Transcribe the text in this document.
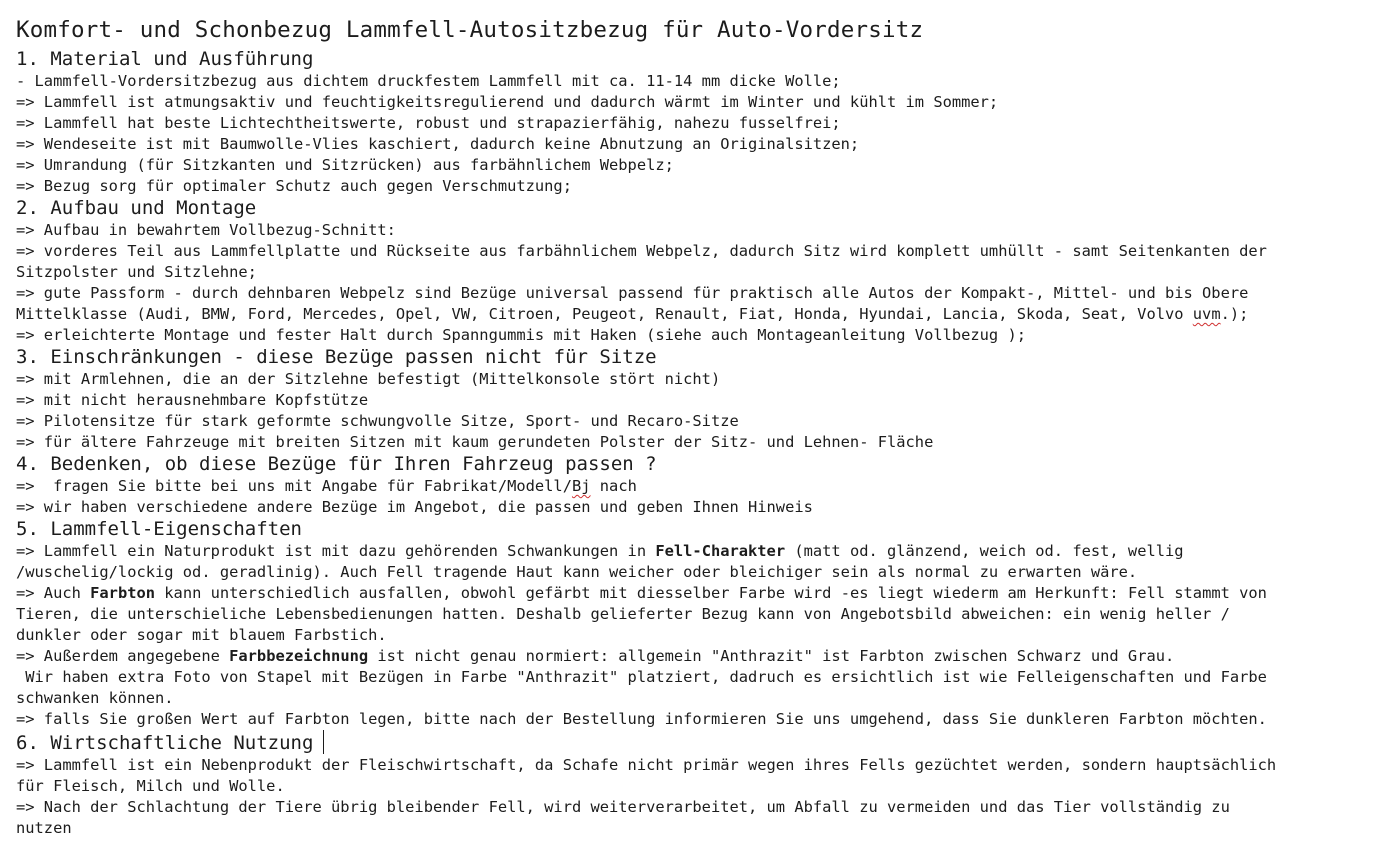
Komfort- und Schonbezug Lammfell-Autositzbezug für Auto-Vordersitz
1. Material und Ausführung

- Lammfell-Vordersitzbezug aus dichtem druckfestem Lammfell mit ca. 11-14 mm dicke Wolle;

=> Lammfell ist atmungsaktiv und feuchtigkeitsregulierend und dadurch wärmt im Winter und kühlt im Sommer;

=> Lammfell hat beste Lichtechtheitswerte, robust und strapazierfähig, nahezu fusselfrei;

=> Wendeseite ist mit Baumwolle-Vlies kaschiert, dadurch keine Abnutzung an Originalsitzen;

=> Umrandung (für Sitzkanten und Sitzrücken) aus farbähnlichem Webpelz;

=> Bezug sorg für optimaler Schutz auch gegen Verschmutzung;

2. Aufbau und Montage

=> Aufbau in bewahrtem Vollbezug-Schnitt:

=> vorderes Teil aus Lammfellplatte und Rückseite aus farbähnlichem Webpelz, dadurch Sitz wird komplett umhüllt - samt Seitenkanten der

Sitzpolster und Sitzlehne;

=> gute Passform - durch dehnbaren Webpelz sind Bezüge universal passend für praktisch alle Autos der Kompakt-, Mittel- und bis Obere

Mittelklasse (Audi, BMW, Ford, Mercedes, Opel, VW, Citroen, Peugeot, Renault, Fiat, Honda, Hyundai, Lancia, Skoda, Seat, Volvo uvm.);

=> erleichterte Montage und fester Halt durch Spanngummis mit Haken (siehe auch Montageanleitung Vollbezug );

3. Einschränkungen - diese Bezüge passen nicht für Sitze

=> mit Armlehnen, die an der Sitzlehne befestigt (Mittelkonsole stört nicht)

=> mit nicht herausnehmbare Kopfstütze

=> Pilotensitze für stark geformte schwungvolle Sitze, Sport- und Recaro-Sitze

=> für ältere Fahrzeuge mit breiten Sitzen mit kaum gerundeten Polster der Sitz- und Lehnen- Fläche

4. Bedenken, ob diese Bezüge für Ihren Fahrzeug passen ?

=>  fragen Sie bitte bei uns mit Angabe für Fabrikat/Modell/Bj nach

=> wir haben verschiedene andere Bezüge im Angebot, die passen und geben Ihnen Hinweis

5. Lammfell-Eigenschaften

=> Lammfell ein Naturprodukt ist mit dazu gehörenden Schwankungen in Fell-Charakter (matt od. glänzend, weich od. fest, wellig

/wuschelig/lockig od. geradlinig). Auch Fell tragende Haut kann weicher oder bleichiger sein als normal zu erwarten wäre.

=> Auch Farbton kann unterschiedlich ausfallen, obwohl gefärbt mit diesselber Farbe wird -es liegt wiederm am Herkunft: Fell stammt von

Tieren, die unterschieliche Lebensbedienungen hatten. Deshalb gelieferter Bezug kann von Angebotsbild abweichen: ein wenig heller /

dunkler oder sogar mit blauem Farbstich.

=> Außerdem angegebene Farbbezeichnung ist nicht genau normiert: allgemein "Anthrazit" ist Farbton zwischen Schwarz und Grau.

Wir haben extra Foto von Stapel mit Bezügen in Farbe "Anthrazit" platziert, dadruch es ersichtlich ist wie Felleigenschaften und Farbe

schwanken können.

=> falls Sie großen Wert auf Farbton legen, bitte nach der Bestellung informieren Sie uns umgehend, dass Sie dunkleren Farbton möchten.

6. Wirtschaftliche Nutzung

=> Lammfell ist ein Nebenprodukt der Fleischwirtschaft, da Schafe nicht primär wegen ihres Fells gezüchtet werden, sondern hauptsächlich

für Fleisch, Milch und Wolle.

=> Nach der Schlachtung der Tiere übrig bleibender Fell, wird weiterverarbeitet, um Abfall zu vermeiden und das Tier vollständig zu

nutzen
